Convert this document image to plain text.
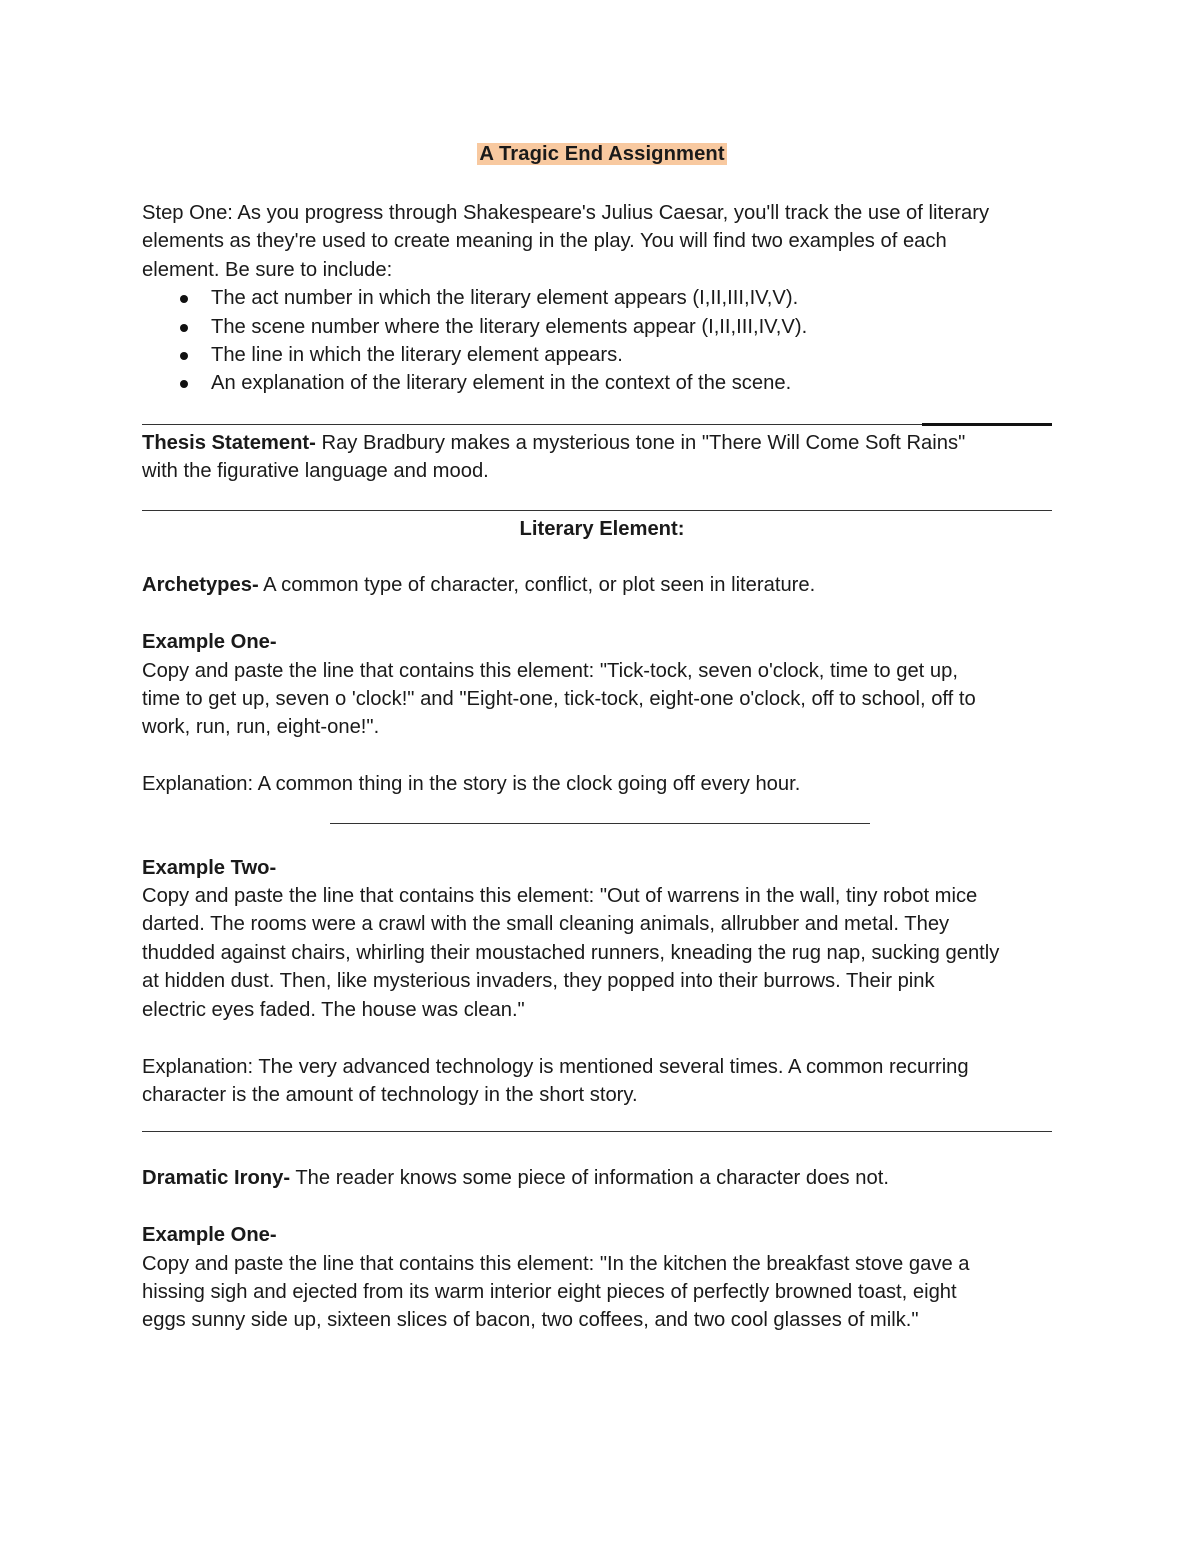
A Tragic End Assignment
Step One: As you progress through Shakespeare's Julius Caesar, you'll track the use of literary
elements as they're used to create meaning in the play. You will find two examples of each
element. Be sure to include:
The act number in which the literary element appears (I,II,III,IV,V).
The scene number where the literary elements appear (I,II,III,IV,V).
The line in which the literary element appears.
An explanation of the literary element in the context of the scene.
Thesis Statement- Ray Bradbury makes a mysterious tone in "There Will Come Soft Rains"
with the figurative language and mood.
Literary Element:
Archetypes- A common type of character, conflict, or plot seen in literature.
Example One-
Copy and paste the line that contains this element: "Tick-tock, seven o'clock, time to get up,
time to get up, seven o 'clock!" and "Eight-one, tick-tock, eight-one o'clock, off to school, off to
work, run, run, eight-one!".
Explanation: A common thing in the story is the clock going off every hour.
Example Two-
Copy and paste the line that contains this element: "Out of warrens in the wall, tiny robot mice
darted. The rooms were a crawl with the small cleaning animals, allrubber and metal. They
thudded against chairs, whirling their moustached runners, kneading the rug nap, sucking gently
at hidden dust. Then, like mysterious invaders, they popped into their burrows. Their pink
electric eyes faded. The house was clean."
Explanation: The very advanced technology is mentioned several times. A common recurring
character is the amount of technology in the short story.
Dramatic Irony- The reader knows some piece of information a character does not.
Example One-
Copy and paste the line that contains this element: "In the kitchen the breakfast stove gave a
hissing sigh and ejected from its warm interior eight pieces of perfectly browned toast, eight
eggs sunny side up, sixteen slices of bacon, two coffees, and two cool glasses of milk."
